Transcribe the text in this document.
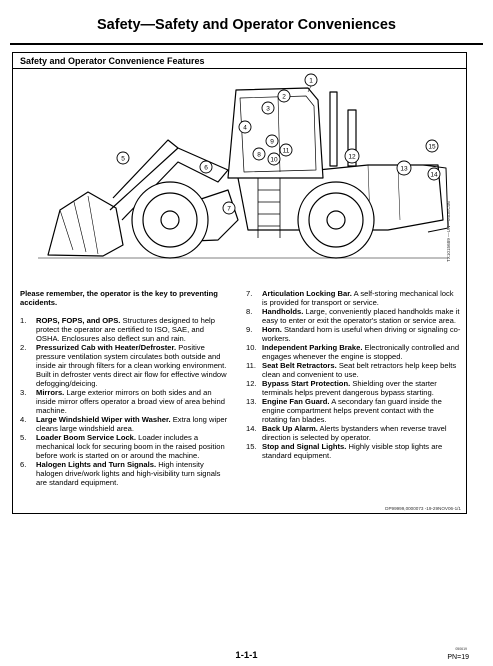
Safety—Safety and Operator Conveniences
Safety and Operator Convenience Features
1
2
3
4
5
6
7
8
9
10
11
12
13
14
15
TX1015689 —UN—04DEC06
Please remember, the operator is the key to preventing accidents.
1.	ROPS, FOPS, and OPS. Structures designed to help protect the operator are certified to ISO, SAE, and OSHA. Enclosures also deflect sun and rain.
2.	Pressurized Cab with Heater/Defroster. Positive pressure ventilation system circulates both outside and inside air through filters for a clean working environment. Built in defroster vents direct air flow for effective window defogging/deicing.
3.	Mirrors. Large exterior mirrors on both sides and an inside mirror offers operator a broad view of area behind machine.
4.	Large Windshield Wiper with Washer. Extra long wiper cleans large windshield area.
5.	Loader Boom Service Lock. Loader includes a mechanical lock for securing boom in the raised position before work is started on or around the machine.
6.	Halogen Lights and Turn Signals. High intensity halogen drive/work lights and high-visibility turn signals are standard equipment.
7.	Articulation Locking Bar. A self-storing mechanical lock is provided for transport or service.
8.	Handholds. Large, conveniently placed handholds make it easy to enter or exit the operator's station or service area.
9.	Horn. Standard horn is useful when driving or signaling co-workers.
10. Independent Parking Brake. Electronically controlled and engages whenever the engine is stopped.
11. Seat Belt Retractors. Seat belt retractors help keep belts clean and convenient to use.
12. Bypass Start Protection. Shielding over the starter terminals helps prevent dangerous bypass starting.
13. Engine Fan Guard. A secondary fan guard inside the engine compartment helps prevent contact with the rotating fan blades.
14. Back Up Alarm. Alerts bystanders when reverse travel direction is selected by operator.
15. Stop and Signal Lights. Highly visible stop lights are standard equipment.
DP99999,0000073 -19-29NOV06-1/1
1-1-1
050619
PN=19
